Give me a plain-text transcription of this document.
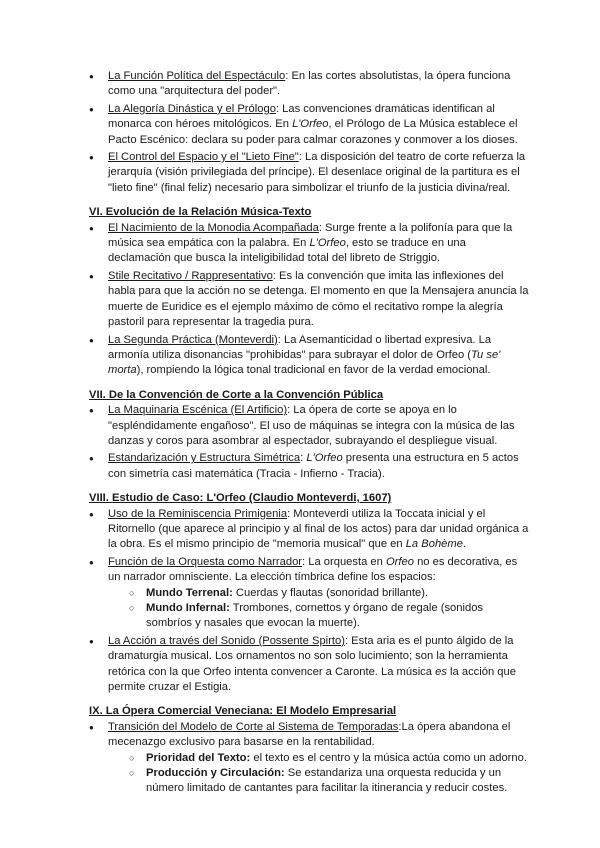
● La Función Política del Espectáculo: En las cortes absolutistas, la ópera funciona como una "arquitectura del poder".
● La Alegoría Dinástica y el Prólogo: Las convenciones dramáticas identifican al monarca con héroes mitológicos. En L'Orfeo, el Prólogo de La Música establece el Pacto Escénico: declara su poder para calmar corazones y conmover a los dioses.
● El Control del Espacio y el "Lieto Fine": La disposición del teatro de corte refuerza la jerarquía (visión privilegiada del príncipe). El desenlace original de la partitura es el "lieto fine" (final feliz) necesario para simbolizar el triunfo de la justicia divina/real.

VI. Evolución de la Relación Música-Texto

● El Nacimiento de la Monodia Acompañada: Surge frente a la polifonía para que la música sea empática con la palabra. En L'Orfeo, esto se traduce en una declamación que busca la inteligibilidad total del libreto de Striggio.
● Stile Recitativo / Rappresentativo: Es la convención que imita las inflexiones del habla para que la acción no se detenga. El momento en que la Mensajera anuncia la muerte de Euridice es el ejemplo máximo de cómo el recitativo rompe la alegría pastoril para representar la tragedia pura.
● La Segunda Práctica (Monteverdi): La Asemanticidad o libertad expresiva. La armonía utiliza disonancias "prohibidas" para subrayar el dolor de Orfeo (Tu se' morta), rompiendo la lógica tonal tradicional en favor de la verdad emocional.

VII. De la Convención de Corte a la Convención Pública

● La Maquinaria Escénica (El Artificio): La ópera de corte se apoya en lo "espléndidamente engañoso". El uso de máquinas se integra con la música de las danzas y coros para asombrar al espectador, subrayando el despliegue visual.
● Estandarización y Estructura Simétrica: L'Orfeo presenta una estructura en 5 actos con simetría casi matemática (Tracia - Infierno - Tracia).

VIII. Estudio de Caso: L'Orfeo (Claudio Monteverdi, 1607)

● Uso de la Reminiscencia Primigenia: Monteverdi utiliza la Toccata inicial y el Ritornello (que aparece al principio y al final de los actos) para dar unidad orgánica a la obra. Es el mismo principio de "memoria musical" que en La Bohème.
● Función de la Orquesta como Narrador: La orquesta en Orfeo no es decorativa, es un narrador omnisciente. La elección tímbrica define los espacios:
○ Mundo Terrenal: Cuerdas y flautas (sonoridad brillante).
○ Mundo Infernal: Trombones, cornettos y órgano de regale (sonidos sombríos y nasales que evocan la muerte).
● La Acción a través del Sonido (Possente Spirto): Esta aria es el punto álgido de la dramaturgia musical. Los ornamentos no son solo lucimiento; son la herramienta retórica con la que Orfeo intenta convencer a Caronte. La música es la acción que permite cruzar el Estigia.

IX. La Ópera Comercial Veneciana: El Modelo Empresarial

● Transición del Modelo de Corte al Sistema de Temporadas:La ópera abandona el mecenazgo exclusivo para basarse en la rentabilidad.
○ Prioridad del Texto: el texto es el centro y la música actúa como un adorno.
○ Producción y Circulación: Se estandariza una orquesta reducida y un número limitado de cantantes para facilitar la itinerancia y reducir costes.
